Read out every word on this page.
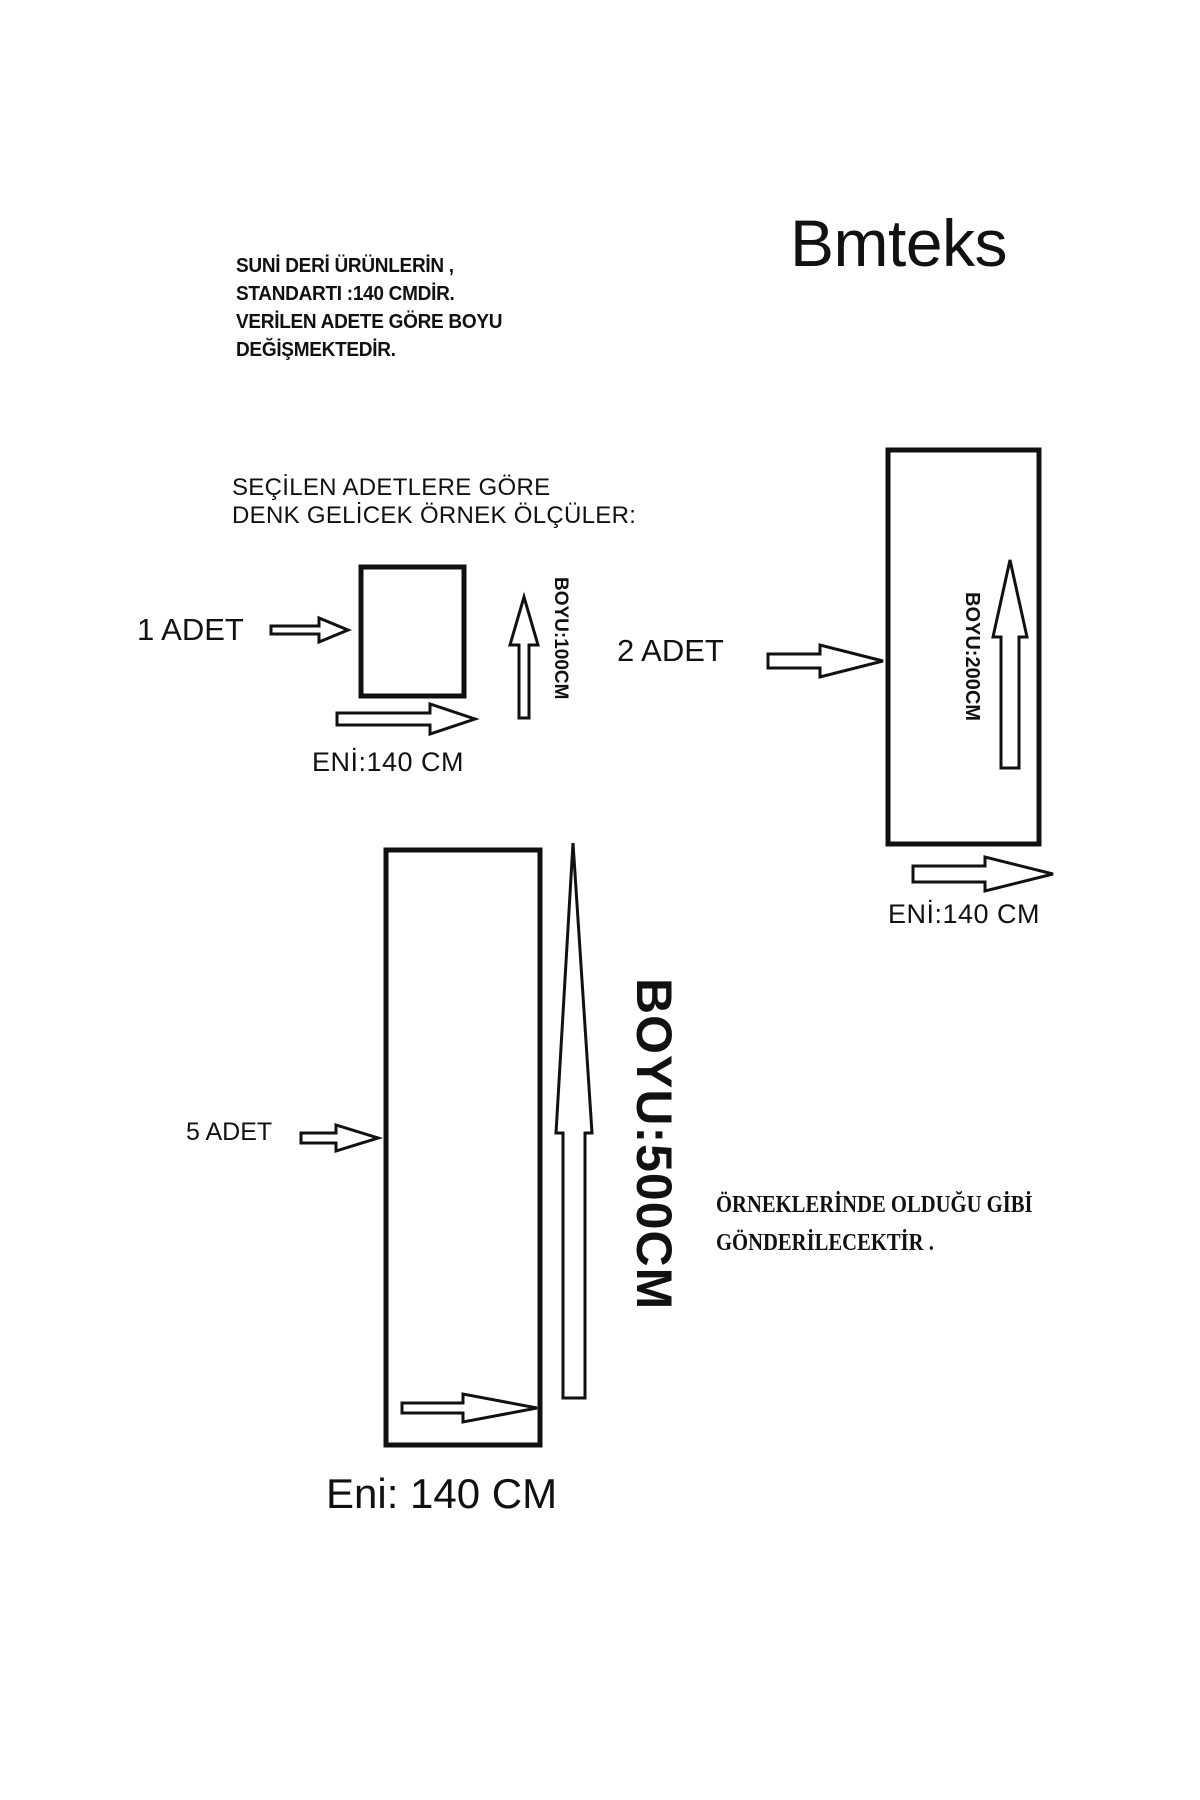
Bmteks
SUNİ DERİ ÜRÜNLERİN ,
STANDARTI :140 CMDİR.
VERİLEN ADETE GÖRE BOYU
DEĞİŞMEKTEDİR.
SEÇİLEN ADETLERE GÖRE
DENK GELİCEK ÖRNEK ÖLÇÜLER:
1 ADET
ENİ:140 CM
BOYU:100CM 2 ADET
ENİ:140 CM
BOYU:200CM
5 ADET
Eni: 140 CM
BOYU:500CM ÖRNEKLERİNDE OLDUĞU GİBİ
GÖNDERİLECEKTİR .
